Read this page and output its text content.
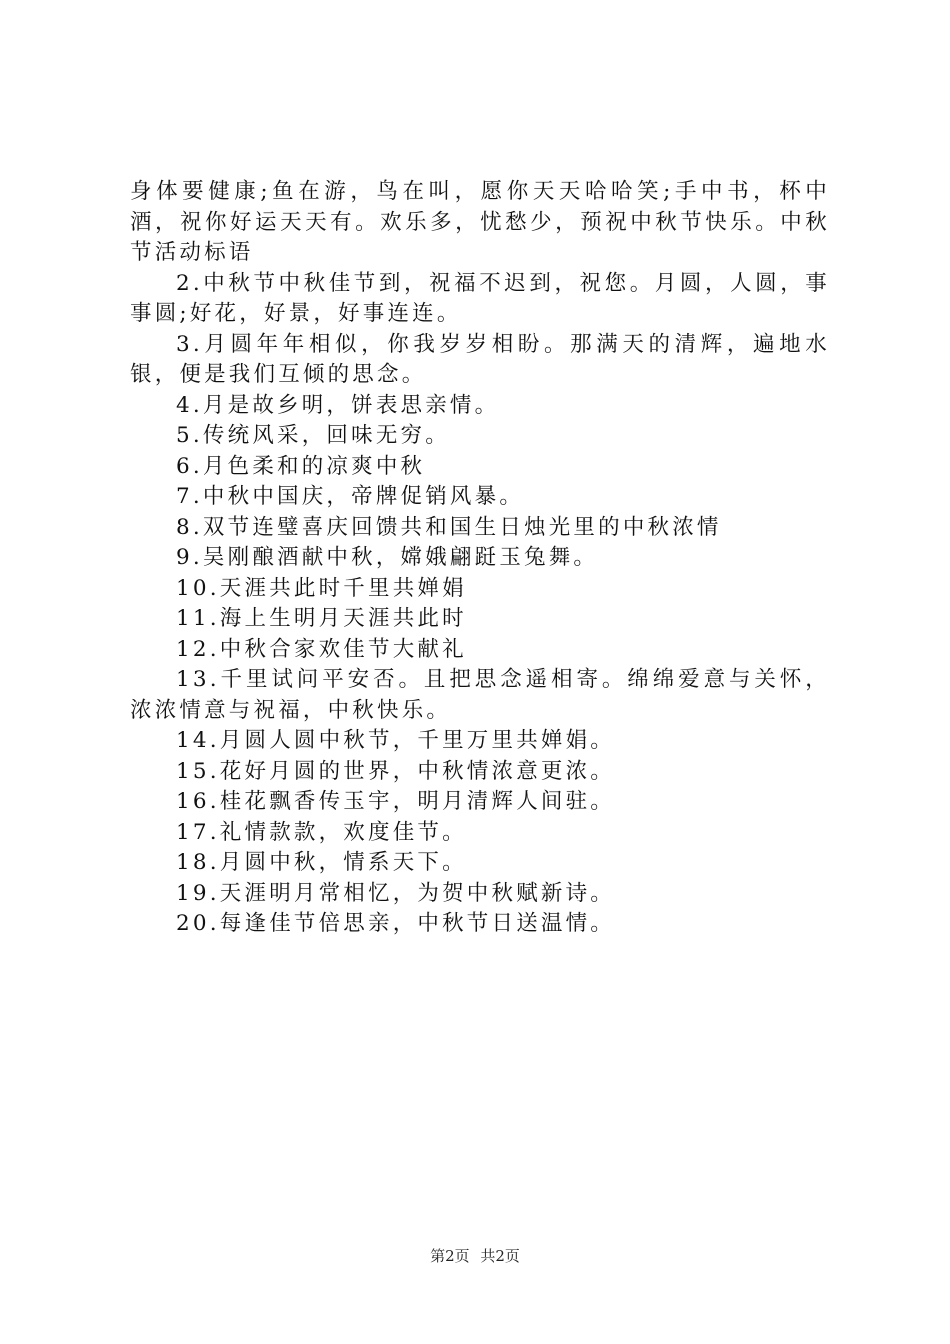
身体要健康;鱼在游，鸟在叫，愿你天天哈哈笑;手中书，杯中酒，祝你好运天天有。欢乐多，忧愁少，预祝中秋节快乐。中秋节活动标语

2.中秋节中秋佳节到，祝福不迟到，祝您。月圆，人圆，事事圆;好花，好景，好事连连。

3.月圆年年相似，你我岁岁相盼。那满天的清辉，遍地水银，便是我们互倾的思念。

4.月是故乡明，饼表思亲情。

5.传统风采，回味无穷。

6.月色柔和的凉爽中秋

7.中秋中国庆，帝牌促销风暴。

8.双节连璧喜庆回馈共和国生日烛光里的中秋浓情

9.吴刚酿酒献中秋，嫦娥翩跹玉兔舞。

10.天涯共此时千里共婵娟

11.海上生明月天涯共此时

12.中秋合家欢佳节大献礼

13.千里试问平安否。且把思念遥相寄。绵绵爱意与关怀，浓浓情意与祝福，中秋快乐。

14.月圆人圆中秋节，千里万里共婵娟。

15.花好月圆的世界，中秋情浓意更浓。

16.桂花飘香传玉宇，明月清辉人间驻。

17.礼情款款，欢度佳节。

18.月圆中秋，情系天下。

19.天涯明月常相忆，为贺中秋赋新诗。

20.每逢佳节倍思亲，中秋节日送温情。

第2页 共2页
